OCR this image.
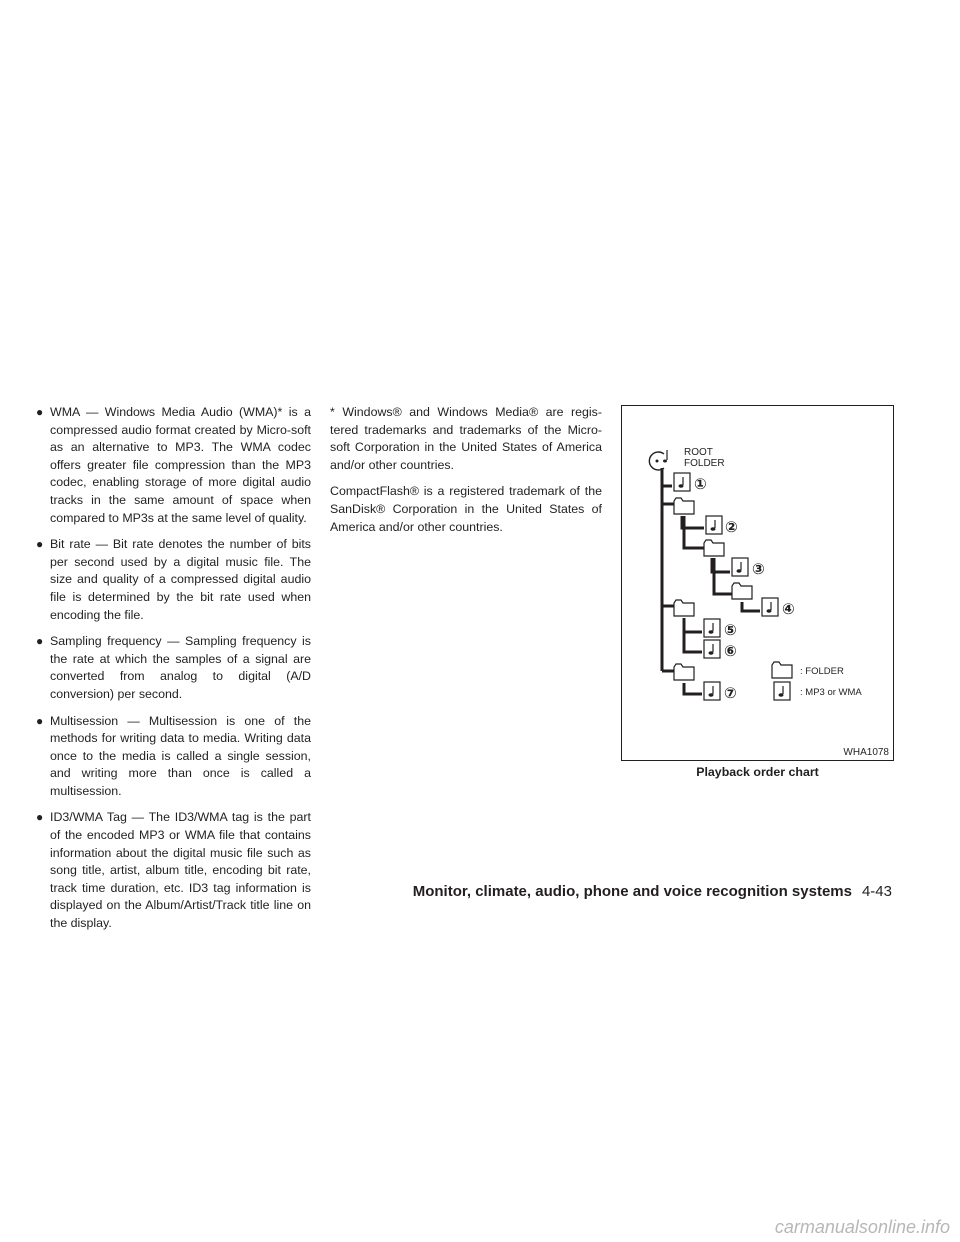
● WMA — Windows Media Audio (WMA)* is a compressed audio format created by Micro-soft as an alternative to MP3. The WMA codec offers greater file compression than the MP3 codec, enabling storage of more digital audio tracks in the same amount of space when compared to MP3s at the same level of quality.
● Bit rate — Bit rate denotes the number of bits per second used by a digital music file. The size and quality of a compressed digital audio file is determined by the bit rate used when encoding the file.
● Sampling frequency — Sampling frequency is the rate at which the samples of a signal are converted from analog to digital (A/D conversion) per second.
● Multisession — Multisession is one of the methods for writing data to media. Writing data once to the media is called a single session, and writing more than once is called a multisession.
● ID3/WMA Tag — The ID3/WMA tag is the part of the encoded MP3 or WMA file that contains information about the digital music file such as song title, artist, album title, encoding bit rate, track time duration, etc. ID3 tag information is displayed on the Album/Artist/Track title line on the display.

* Windows® and Windows Media® are regis-tered trademarks and trademarks of the Micro-soft Corporation in the United States of America and/or other countries.

CompactFlash® is a registered trademark of the SanDisk® Corporation in the United States of America and/or other countries.

ROOT
FOLDER
①
②
③
④
⑤
⑥
⑦
: FOLDER
: MP3 or WMA
WHA1078
Playback order chart
Monitor, climate, audio, phone and voice recognition systems 4-43
carmanualsonline.info
